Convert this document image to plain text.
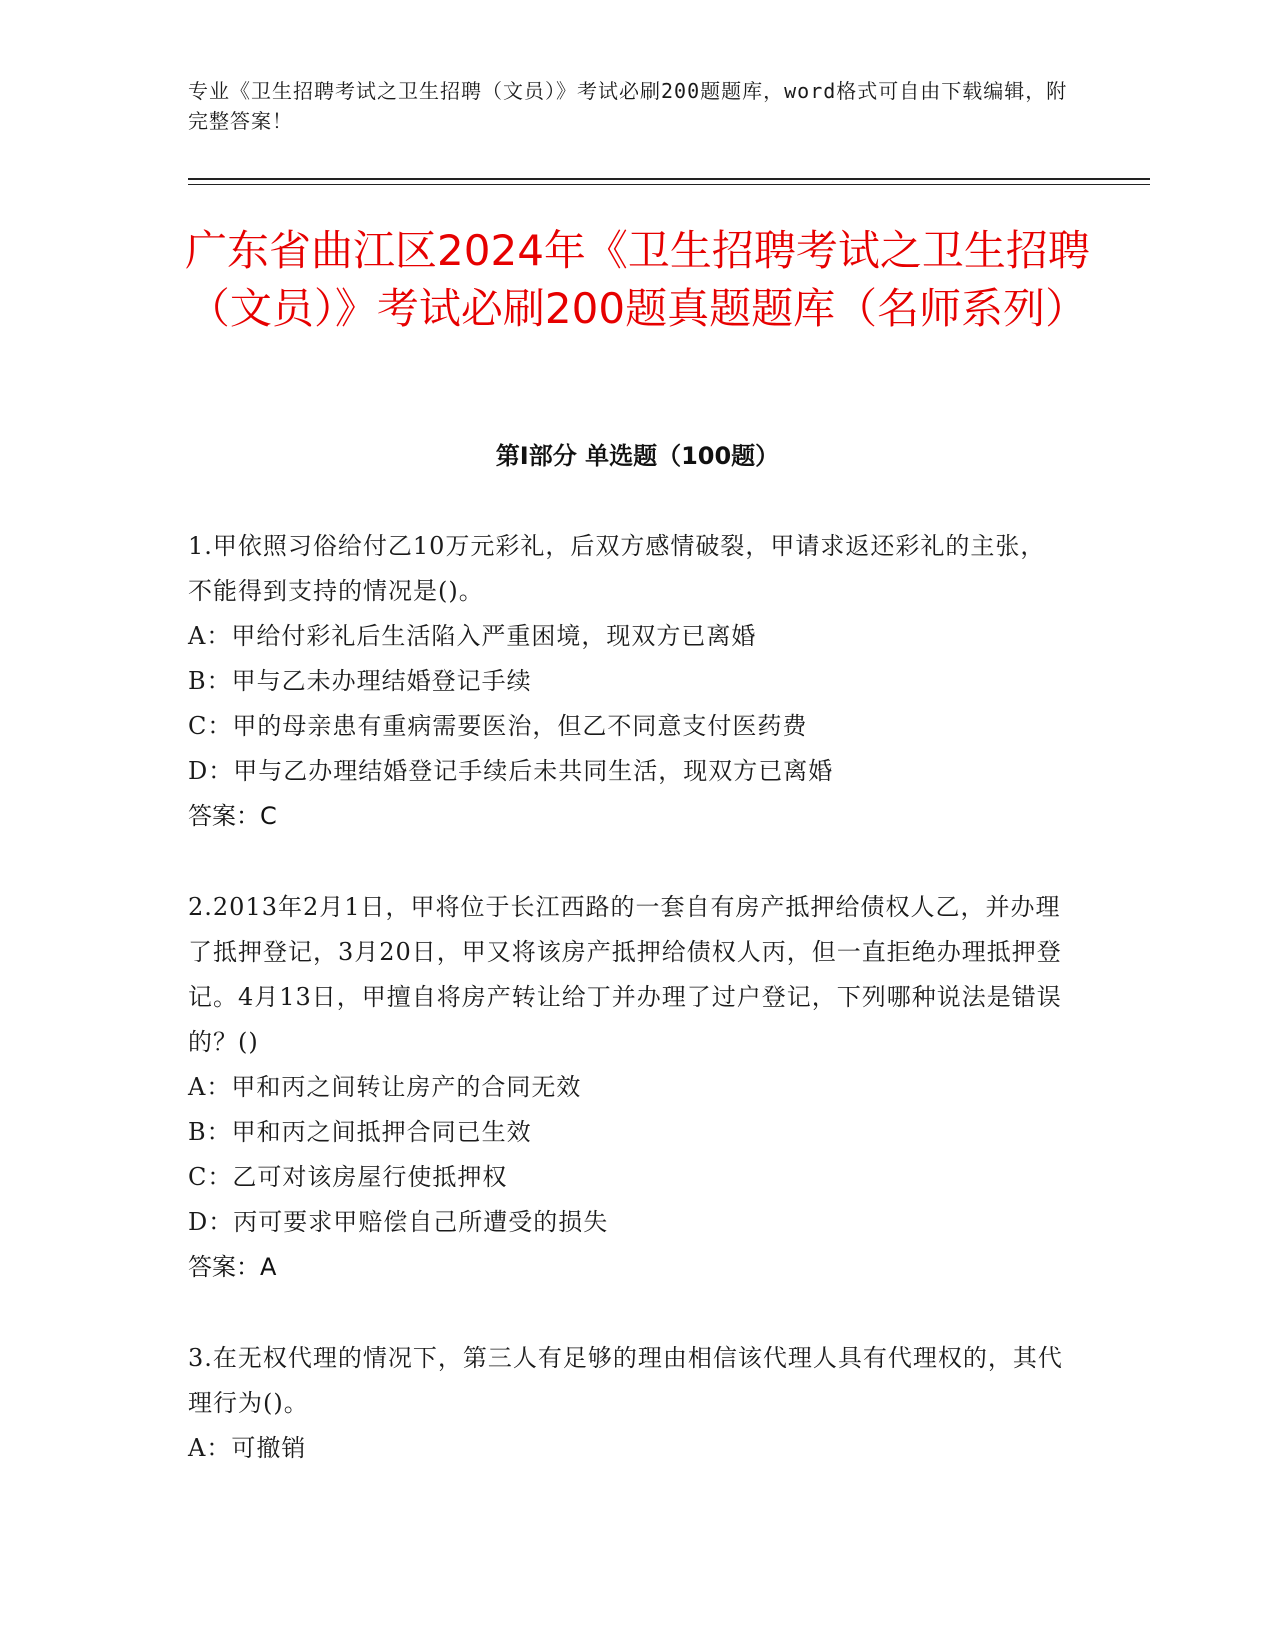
专业《卫生招聘考试之卫生招聘（文员）》考试必刷200题题库，word格式可自由下载编辑，附完整答案！
广东省曲江区2024年《卫生招聘考试之卫生招聘（文员）》考试必刷200题真题题库（名师系列）
第Ⅰ部分 单选题（100题）

1.甲依照习俗给付乙10万元彩礼，后双方感情破裂，甲请求返还彩礼的主张，不能得到支持的情况是()。

A：甲给付彩礼后生活陷入严重困境，现双方已离婚

B：甲与乙未办理结婚登记手续

C：甲的母亲患有重病需要医治，但乙不同意支付医药费

D：甲与乙办理结婚登记手续后未共同生活，现双方已离婚

答案：C

2.2013年2月1日，甲将位于长江西路的一套自有房产抵押给债权人乙，并办理了抵押登记，3月20日，甲又将该房产抵押给债权人丙，但一直拒绝办理抵押登记。4月13日，甲擅自将房产转让给丁并办理了过户登记，下列哪种说法是错误的？()

A：甲和丙之间转让房产的合同无效

B：甲和丙之间抵押合同已生效

C：乙可对该房屋行使抵押权

D：丙可要求甲赔偿自己所遭受的损失

答案：A

3.在无权代理的情况下，第三人有足够的理由相信该代理人具有代理权的，其代理行为()。

A：可撤销
